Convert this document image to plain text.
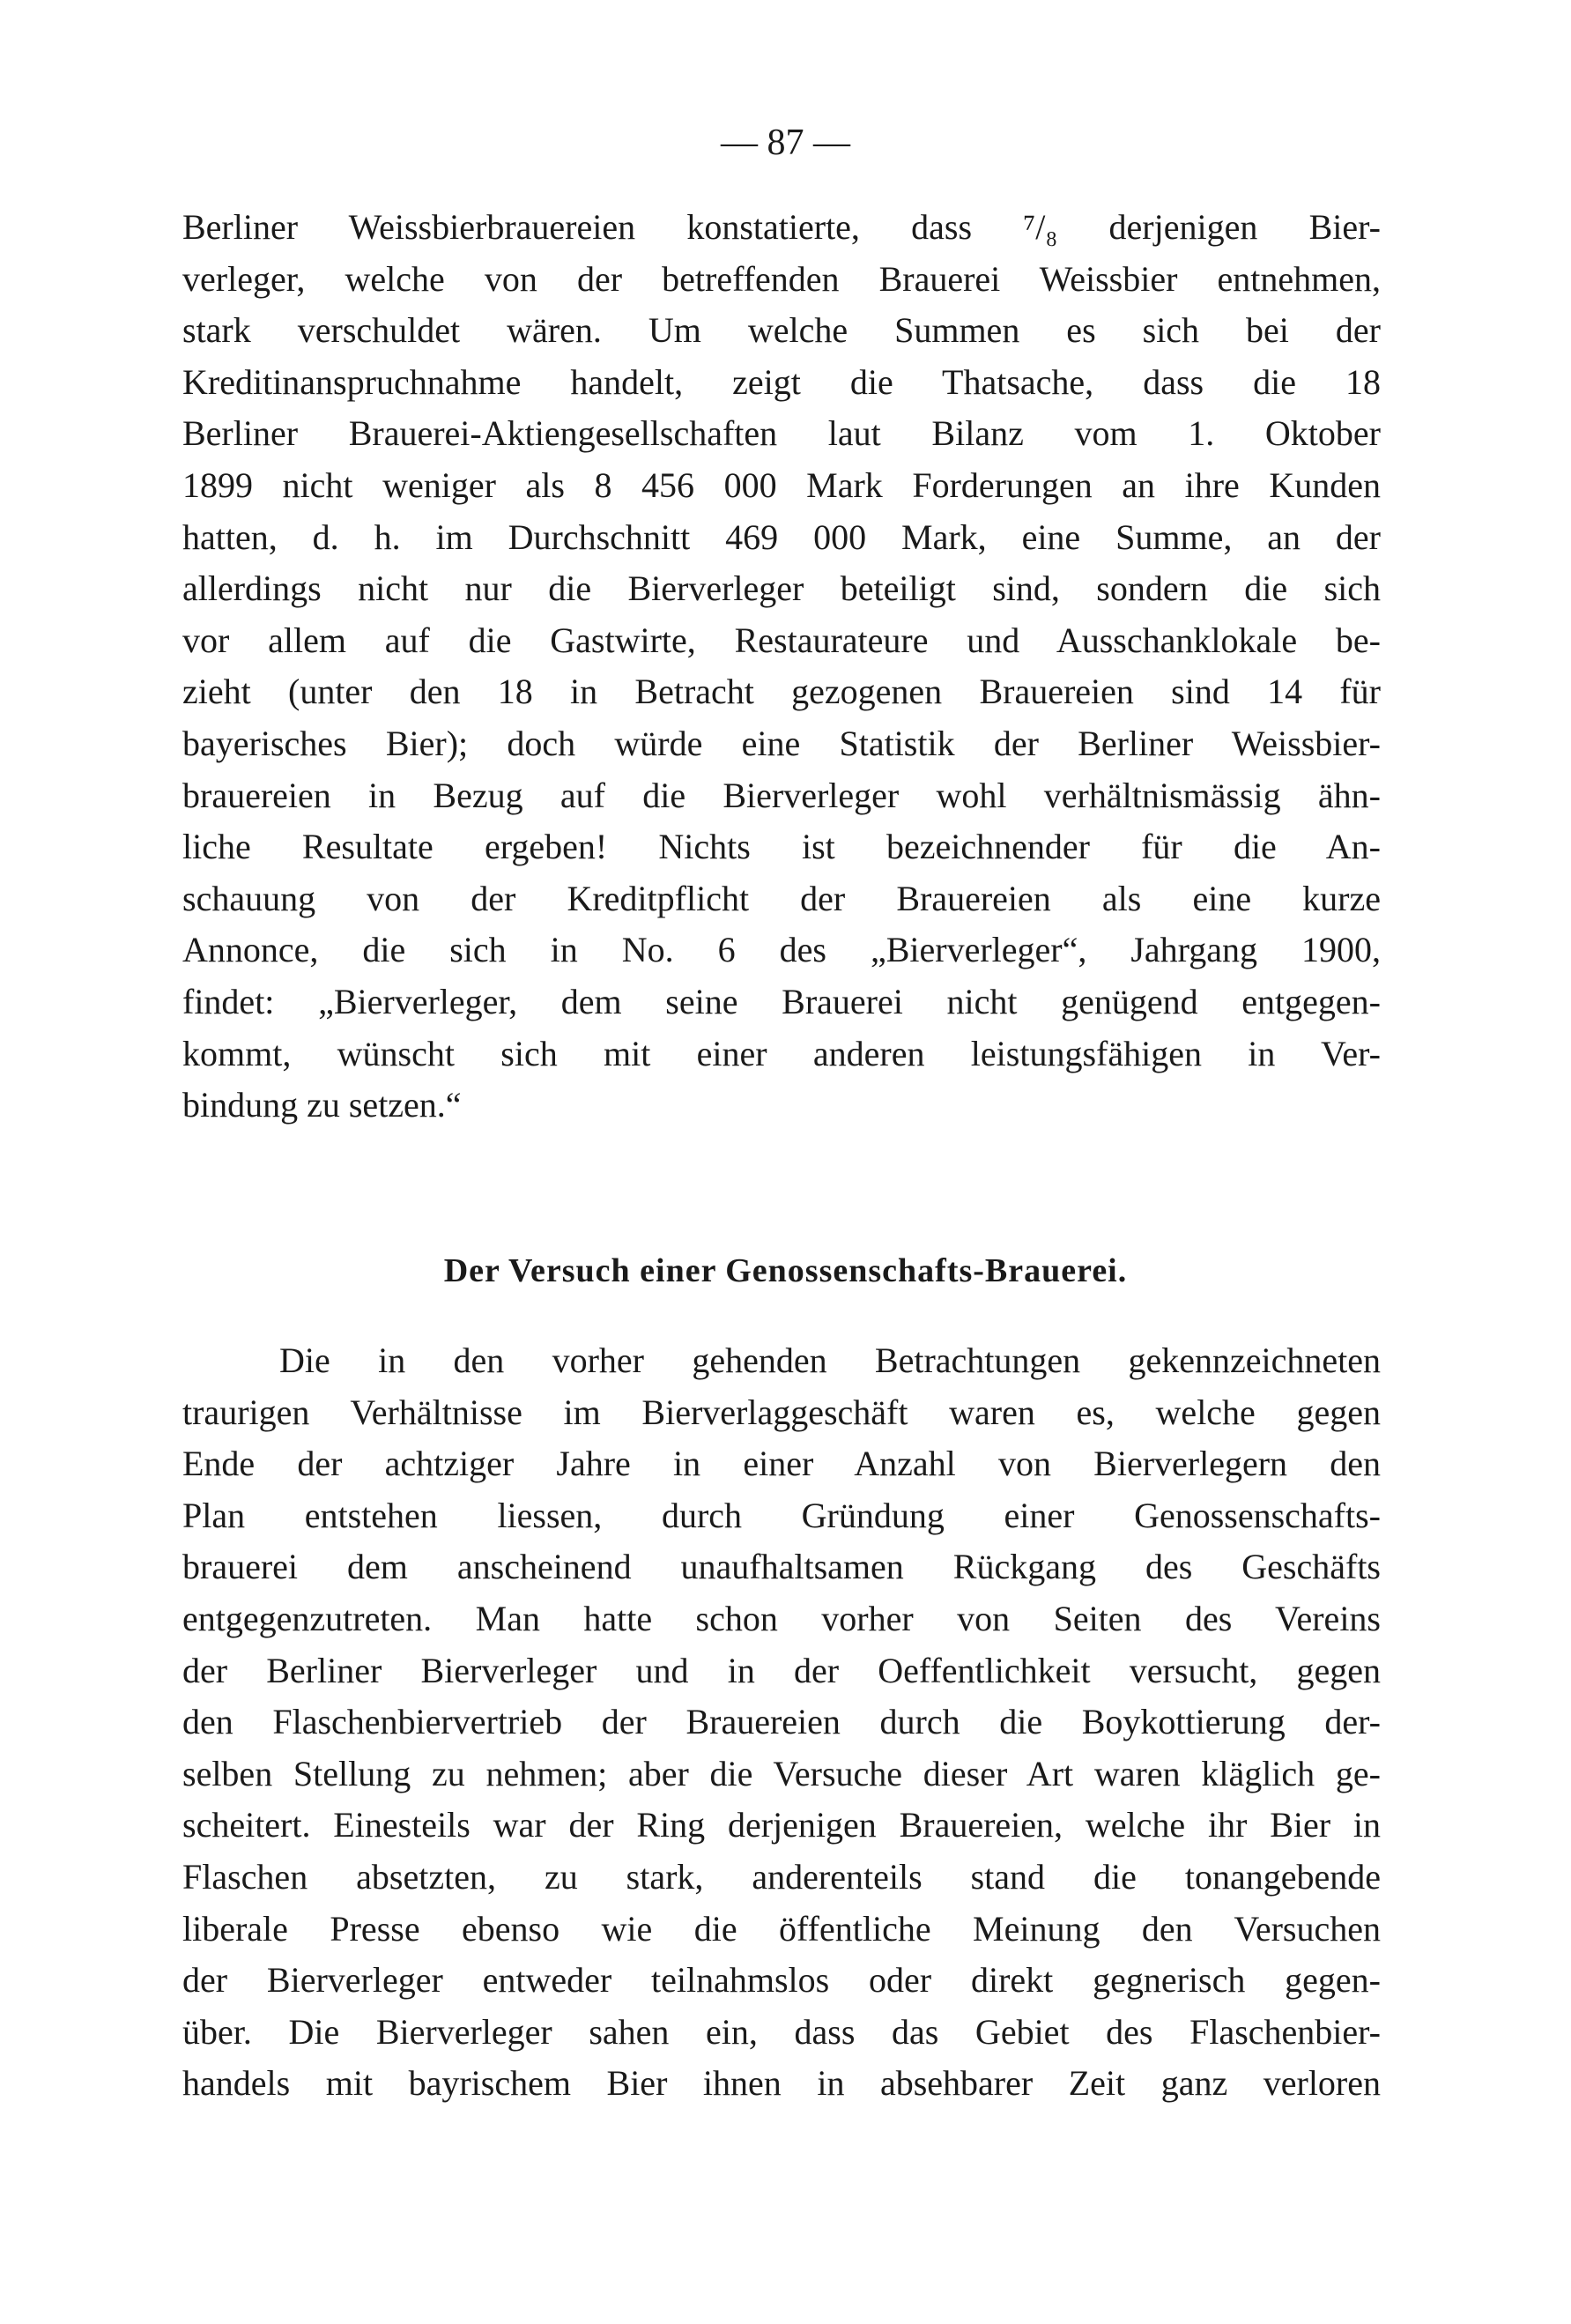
— 87 —
Berliner Weissbierbrauereien konstatierte, dass ⁷/₈ derjenigen Bier-
verleger, welche von der betreffenden Brauerei Weissbier entnehmen,
stark verschuldet wären. Um welche Summen es sich bei der
Kreditinanspruchnahme handelt, zeigt die Thatsache, dass die 18
Berliner Brauerei-Aktiengesellschaften laut Bilanz vom 1. Oktober
1899 nicht weniger als 8 456 000 Mark Forderungen an ihre Kunden
hatten, d. h. im Durchschnitt 469 000 Mark, eine Summe, an der
allerdings nicht nur die Bierverleger beteiligt sind, sondern die sich
vor allem auf die Gastwirte, Restaurateure und Ausschanklokale be-
zieht (unter den 18 in Betracht gezogenen Brauereien sind 14 für
bayerisches Bier); doch würde eine Statistik der Berliner Weissbier-
brauereien in Bezug auf die Bierverleger wohl verhältnismässig ähn-
liche Resultate ergeben! Nichts ist bezeichnender für die An-
schauung von der Kreditpflicht der Brauereien als eine kurze
Annonce, die sich in No. 6 des „Bierverleger“, Jahrgang 1900,
findet: „Bierverleger, dem seine Brauerei nicht genügend entgegen-
kommt, wünscht sich mit einer anderen leistungsfähigen in Ver-
bindung zu setzen.“
Der Versuch einer Genossenschafts-Brauerei.
Die in den vorher gehenden Betrachtungen gekennzeichneten
traurigen Verhältnisse im Bierverlaggeschäft waren es, welche gegen
Ende der achtziger Jahre in einer Anzahl von Bierverlegern den
Plan entstehen liessen, durch Gründung einer Genossenschafts-
brauerei dem anscheinend unaufhaltsamen Rückgang des Geschäfts
entgegenzutreten. Man hatte schon vorher von Seiten des Vereins
der Berliner Bierverleger und in der Oeffentlichkeit versucht, gegen
den Flaschenbiervertrieb der Brauereien durch die Boykottierung der-
selben Stellung zu nehmen; aber die Versuche dieser Art waren kläglich ge-
scheitert. Einesteils war der Ring derjenigen Brauereien, welche ihr Bier in
Flaschen absetzten, zu stark, anderenteils stand die tonangebende
liberale Presse ebenso wie die öffentliche Meinung den Versuchen
der Bierverleger entweder teilnahmslos oder direkt gegnerisch gegen-
über. Die Bierverleger sahen ein, dass das Gebiet des Flaschenbier-
handels mit bayrischem Bier ihnen in absehbarer Zeit ganz verloren
